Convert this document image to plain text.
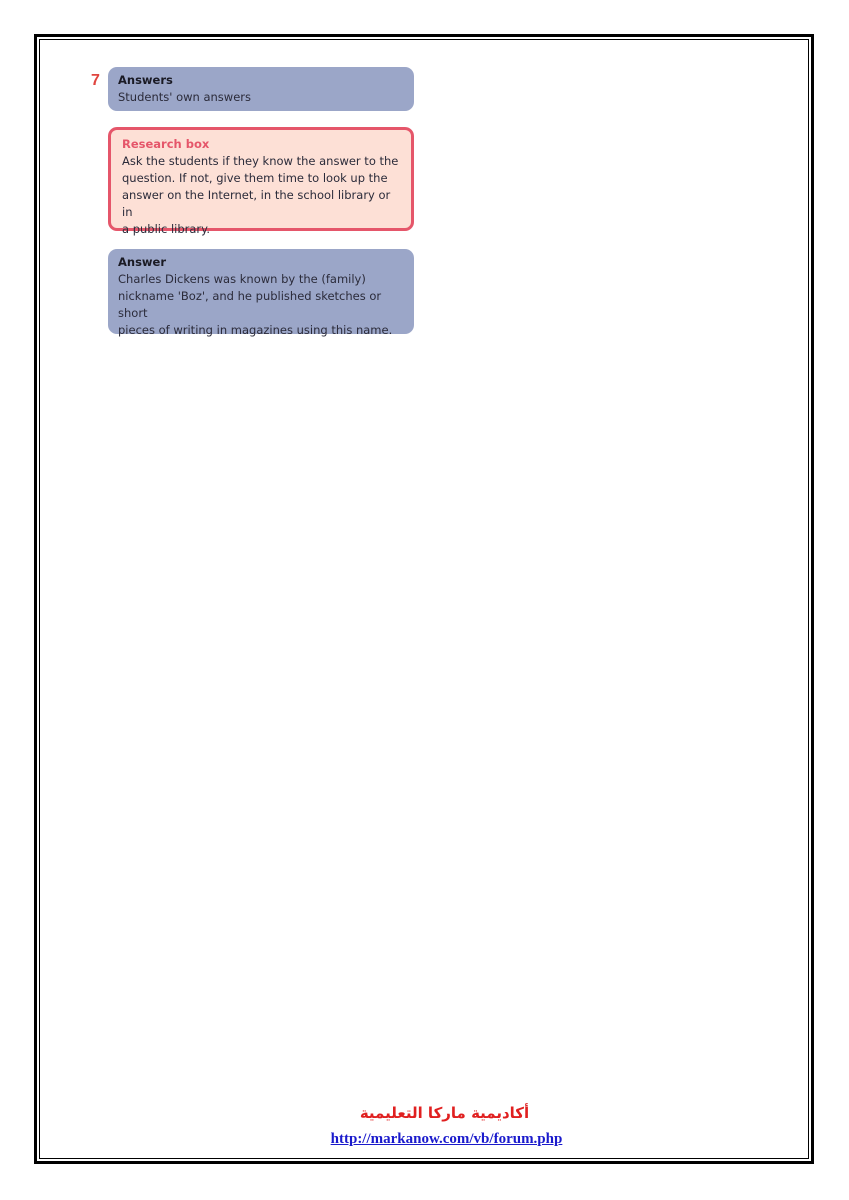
7 Answers
Students' own answers
Research box
Ask the students if they know the answer to the
question. If not, give them time to look up the
answer on the Internet, in the school library or in
a public library.
Answer
Charles Dickens was known by the (family)
nickname 'Boz', and he published sketches or short
pieces of writing in magazines using this name.
أكاديمية ماركا التعليمية
http://markanow.com/vb/forum.php
